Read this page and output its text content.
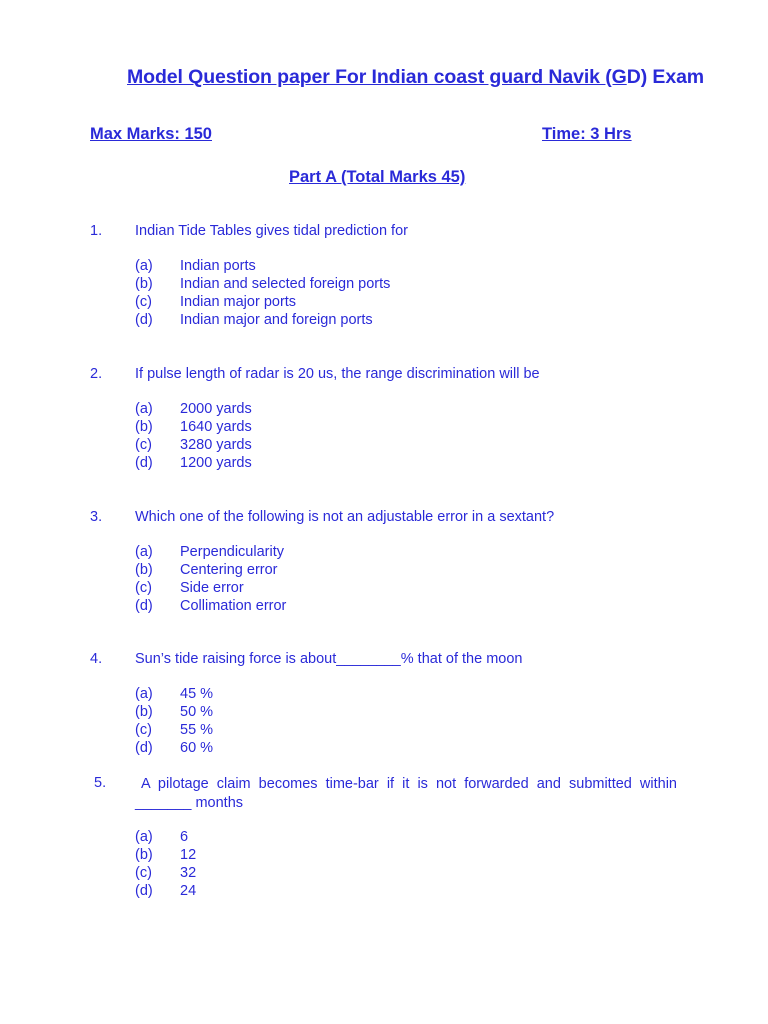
Model Question paper For Indian coast guard Navik (GD) Exam
Max Marks: 150	Time: 3 Hrs
Part A (Total Marks 45)
1. Indian Tide Tables gives tidal prediction for
(a) Indian ports
(b) Indian and selected foreign ports
(c) Indian major ports
(d) Indian major and foreign ports
2. If pulse length of radar is 20 us, the range discrimination will be
(a) 2000 yards
(b) 1640 yards
(c) 3280 yards
(d) 1200 yards
3. Which one of the following is not an adjustable error in a sextant?
(a) Perpendicularity
(b) Centering error
(c) Side error
(d) Collimation error
4. Sun’s tide raising force is about________% that of the moon
(a) 45 %
(b) 50 %
(c) 55 %
(d) 60 %
5.	A pilotage claim becomes time-bar if it is not forwarded and submitted within _______ months
(a) 6
(b) 12
(c) 32
(d) 24
